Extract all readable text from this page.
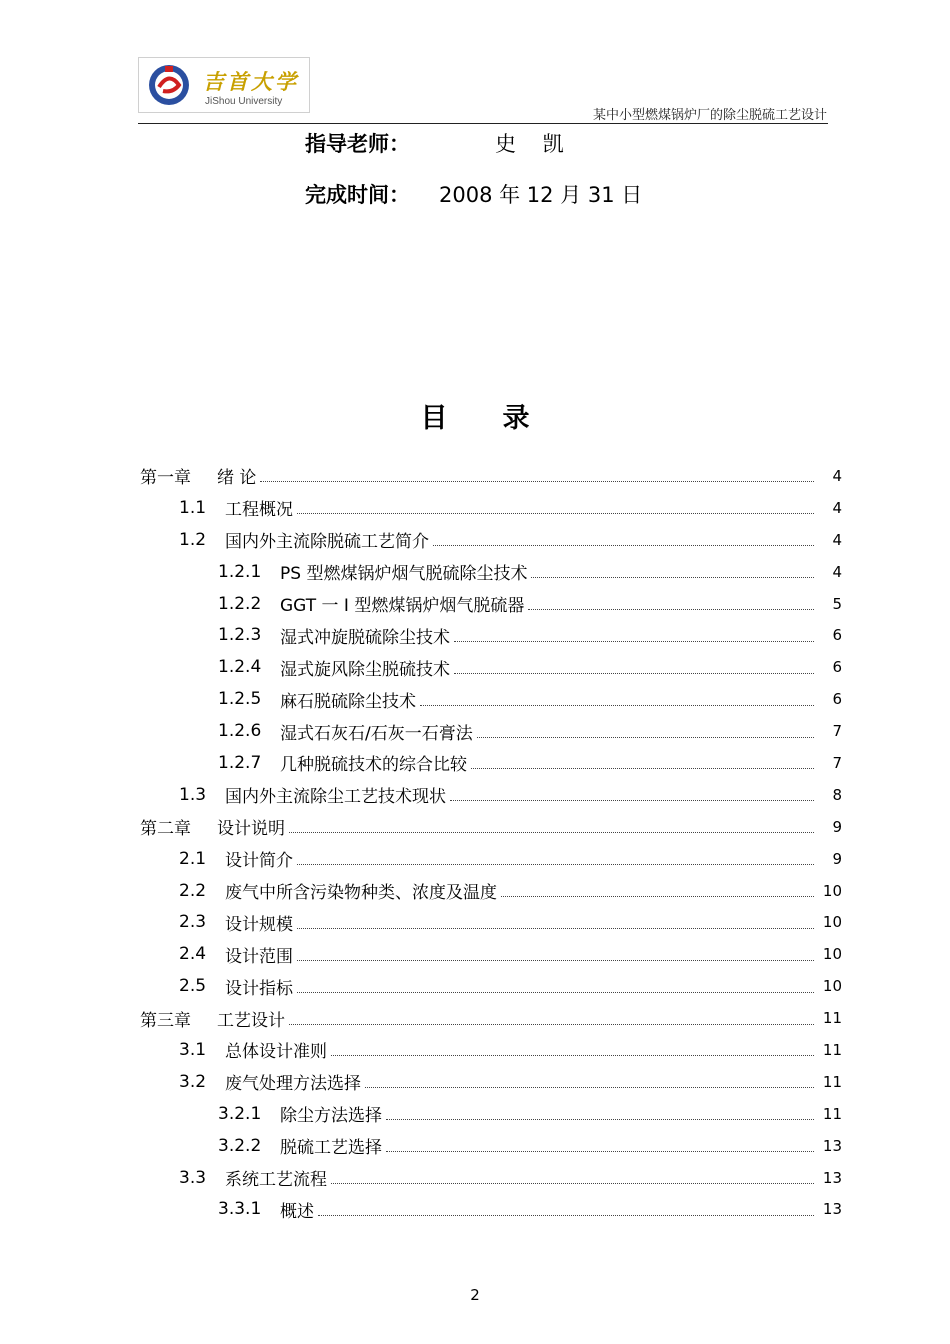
吉首大学
JiShou University
某中小型燃煤锅炉厂的除尘脱硫工艺设计
指导老师：	史 凯
完成时间： 2008 年 12 月 31 日
目录
第一章	绪 论	4
1.1	工程概况	4
1.2	国内外主流除脱硫工艺简介	4
1.2.1	PS 型燃煤锅炉烟气脱硫除尘技术	4
1.2.2	GGT 一 I 型燃煤锅炉烟气脱硫器	5
1.2.3	湿式冲旋脱硫除尘技术	6
1.2.4	湿式旋风除尘脱硫技术	6
1.2.5	麻石脱硫除尘技术	6
1.2.6	湿式石灰石/石灰一石膏法	7
1.2.7	几种脱硫技术的综合比较	7
1.3	国内外主流除尘工艺技术现状	8
第二章	设计说明	9
2.1	设计简介	9
2.2	废气中所含污染物种类、浓度及温度	10
2.3	设计规模	10
2.4	设计范围	10
2.5	设计指标	10
第三章	工艺设计	11
3.1	总体设计准则	11
3.2	废气处理方法选择	11
3.2.1	除尘方法选择	11
3.2.2	脱硫工艺选择	13
3.3	系统工艺流程	13
3.3.1	概述	13
2
